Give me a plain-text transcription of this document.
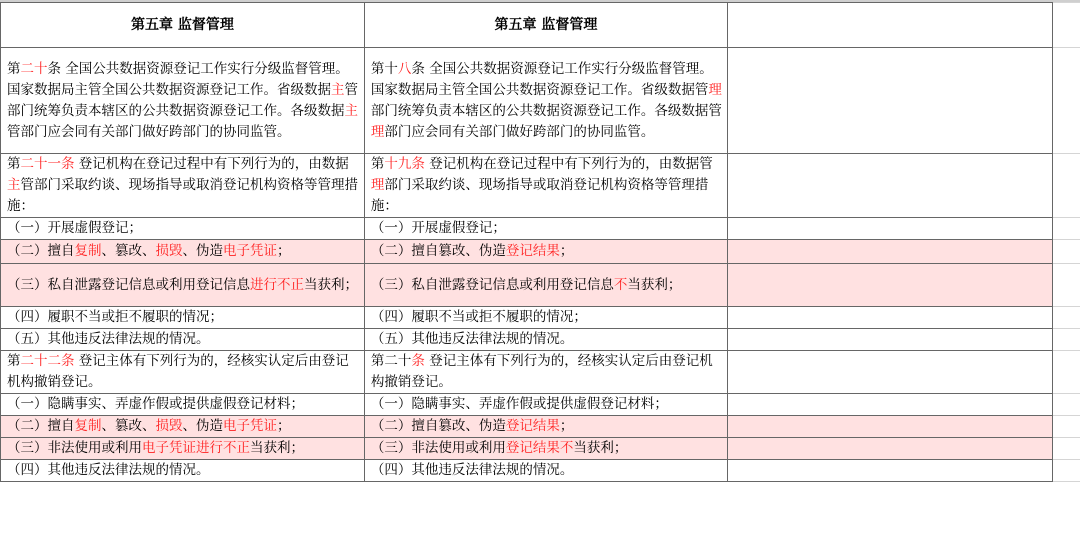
第五章 监督管理	第五章 监督管理		
第二十条 全国公共数据资源登记工作实行分级监督管理。国家数据局主管全国公共数据资源登记工作。省级数据主管部门统筹负责本辖区的公共数据资源登记工作。各级数据主管部门应会同有关部门做好跨部门的协同监管。	第十八条 全国公共数据资源登记工作实行分级监督管理。国家数据局主管全国公共数据资源登记工作。省级数据管理部门统筹负责本辖区的公共数据资源登记工作。各级数据管理部门应会同有关部门做好跨部门的协同监管。		
第二十一条 登记机构在登记过程中有下列行为的，由数据主管部门采取约谈、现场指导或取消登记机构资格等管理措施：	第十九条 登记机构在登记过程中有下列行为的，由数据管理部门采取约谈、现场指导或取消登记机构资格等管理措施：		
（一）开展虚假登记；	（一）开展虚假登记；		
（二）擅自复制、篡改、损毁、伪造电子凭证；	（二）擅自篡改、伪造登记结果；		
（三）私自泄露登记信息或利用登记信息进行不正当获利；	（三）私自泄露登记信息或利用登记信息不当获利；		
（四）履职不当或拒不履职的情况；	（四）履职不当或拒不履职的情况；		
（五）其他违反法律法规的情况。	（五）其他违反法律法规的情况。		
第二十二条 登记主体有下列行为的，经核实认定后由登记机构撤销登记。	第二十条 登记主体有下列行为的，经核实认定后由登记机构撤销登记。		
（一）隐瞒事实、弄虚作假或提供虚假登记材料；	（一）隐瞒事实、弄虚作假或提供虚假登记材料；		
（二）擅自复制、篡改、损毁、伪造电子凭证；	（二）擅自篡改、伪造登记结果；		
（三）非法使用或利用电子凭证进行不正当获利；	（三）非法使用或利用登记结果不当获利；		
（四）其他违反法律法规的情况。	（四）其他违反法律法规的情况。		
